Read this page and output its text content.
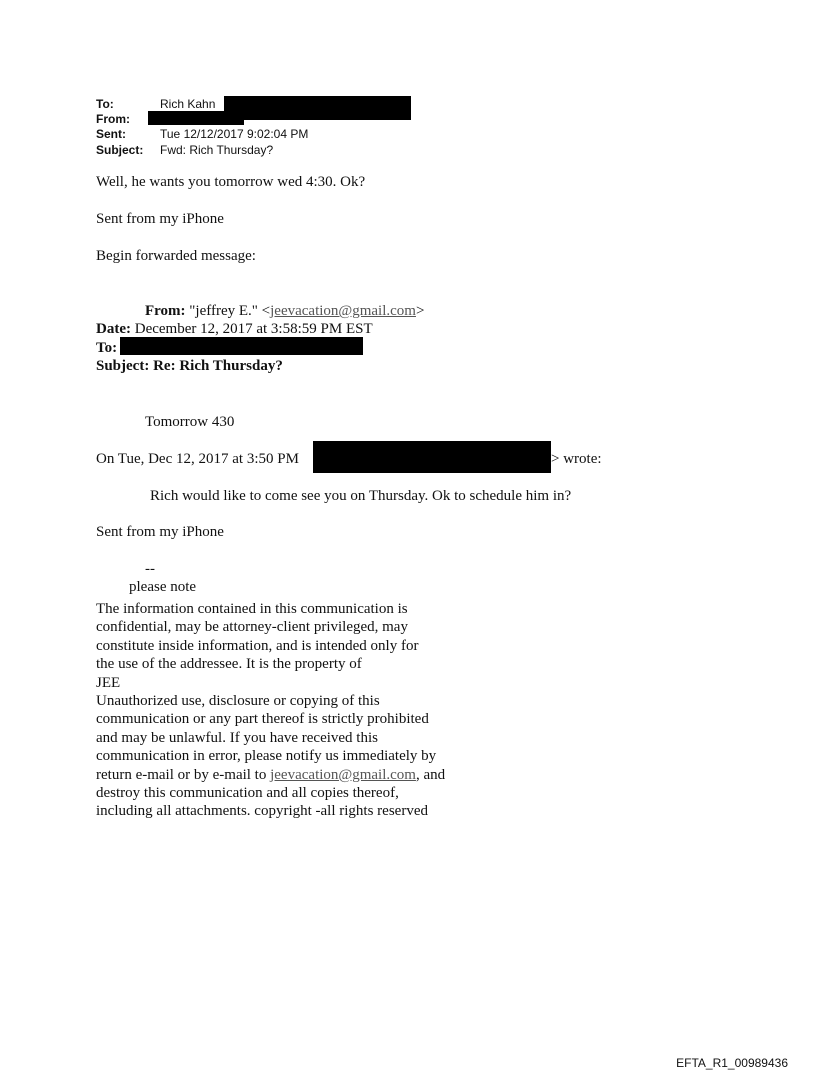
To:	Rich Kahn
From:
Sent:	Tue 12/12/2017 9:02:04 PM
Subject: Fwd: Rich Thursday?
Well, he wants you tomorrow wed 4:30. Ok?
Sent from my iPhone
Begin forwarded message:
From: "jeffrey E." <jeevacation@gmail.com>
Date: December 12, 2017 at 3:58:59 PM EST
To:
Subject: Re: Rich Thursday?
Tomorrow 430
On Tue, Dec 12, 2017 at 3:50 PM	> wrote:
Rich would like to come see you on Thursday. Ok to schedule him in?
Sent from my iPhone
--
please note
The information contained in this communication is
confidential, may be attorney-client privileged, may
constitute inside information, and is intended only for
the use of the addressee. It is the property of
JEE
Unauthorized use, disclosure or copying of this
communication or any part thereof is strictly prohibited
and may be unlawful. If you have received this
communication in error, please notify us immediately by
return e-mail or by e-mail to jeevacation@gmail.com, and
destroy this communication and all copies thereof,
including all attachments. copyright -all rights reserved
EFTA_R1_00989436
